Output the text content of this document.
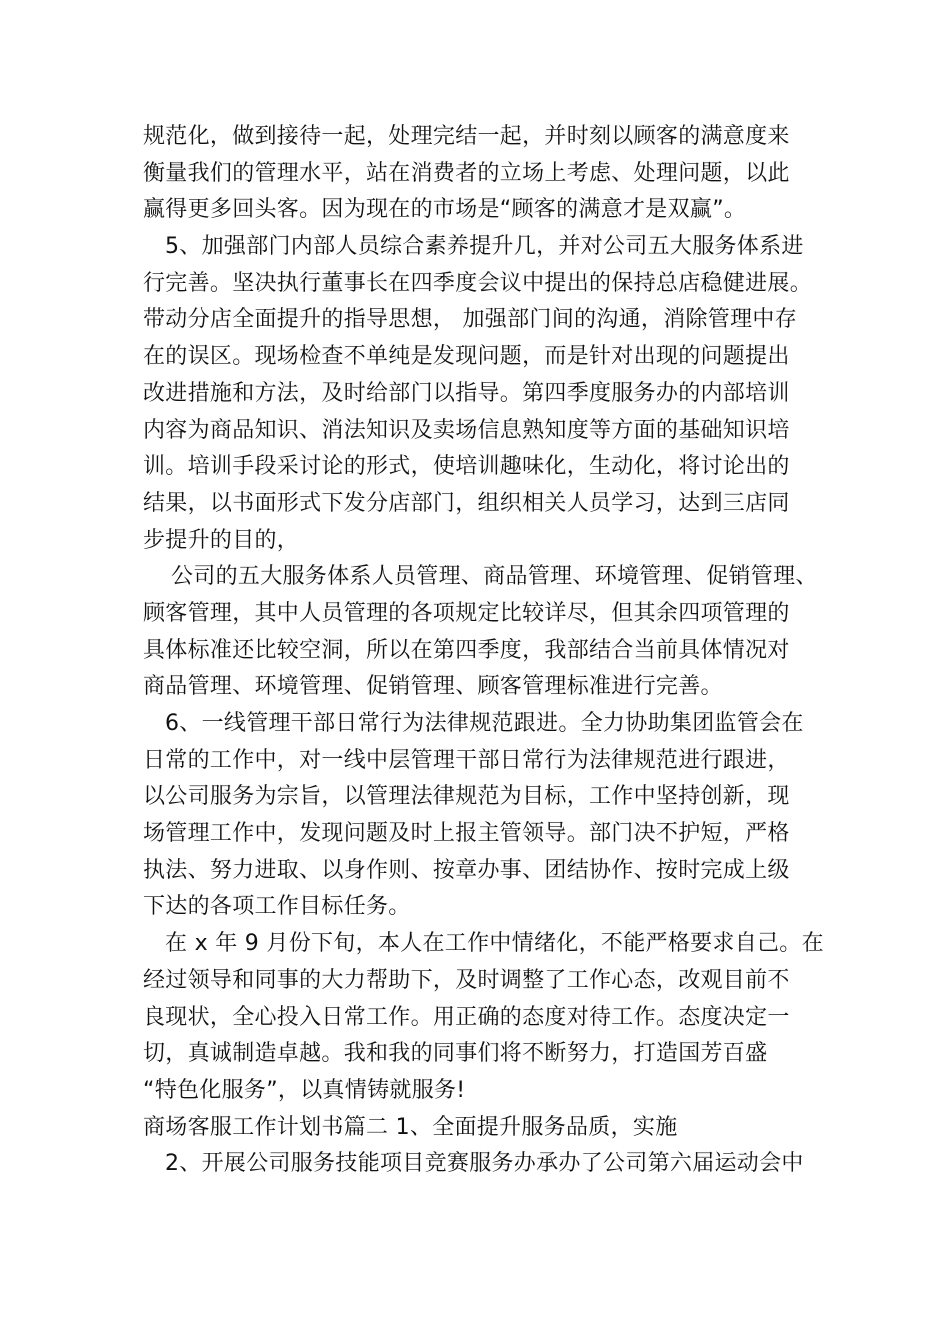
规范化，做到接待一起，处理完结一起，并时刻以顾客的满意度来
衡量我们的管理水平，站在消费者的立场上考虑、处理问题，以此
赢得更多回头客。因为现在的市场是“顾客的满意才是双赢”。
5、加强部门内部人员综合素养提升几，并对公司五大服务体系进
行完善。坚决执行董事长在四季度会议中提出的保持总店稳健进展。
带动分店全面提升的指导思想， 加强部门间的沟通，消除管理中存
在的误区。现场检查不单纯是发现问题，而是针对出现的问题提出
改进措施和方法，及时给部门以指导。第四季度服务办的内部培训
内容为商品知识、消法知识及卖场信息熟知度等方面的基础知识培
训。培训手段采讨论的形式，使培训趣味化，生动化，将讨论出的
结果，以书面形式下发分店部门，组织相关人员学习，达到三店同
步提升的目的，
公司的五大服务体系人员管理、商品管理、环境管理、促销管理、
顾客管理，其中人员管理的各项规定比较详尽，但其余四项管理的
具体标准还比较空洞，所以在第四季度，我部结合当前具体情况对
商品管理、环境管理、促销管理、顾客管理标准进行完善。
6、一线管理干部日常行为法律规范跟进。全力协助集团监管会在
日常的工作中，对一线中层管理干部日常行为法律规范进行跟进，
以公司服务为宗旨，以管理法律规范为目标，工作中坚持创新，现
场管理工作中，发现问题及时上报主管领导。部门决不护短，严格
执法、努力进取、以身作则、按章办事、团结协作、按时完成上级
下达的各项工作目标任务。
在 x 年 9 月份下旬，本人在工作中情绪化，不能严格要求自己。在
经过领导和同事的大力帮助下，及时调整了工作心态，改观目前不
良现状，全心投入日常工作。用正确的态度对待工作。态度决定一
切，真诚制造卓越。我和我的同事们将不断努力，打造国芳百盛
“特色化服务”，以真情铸就服务!
商场客服工作计划书篇二 1、全面提升服务品质，实施
2、开展公司服务技能项目竞赛服务办承办了公司第六届运动会中
